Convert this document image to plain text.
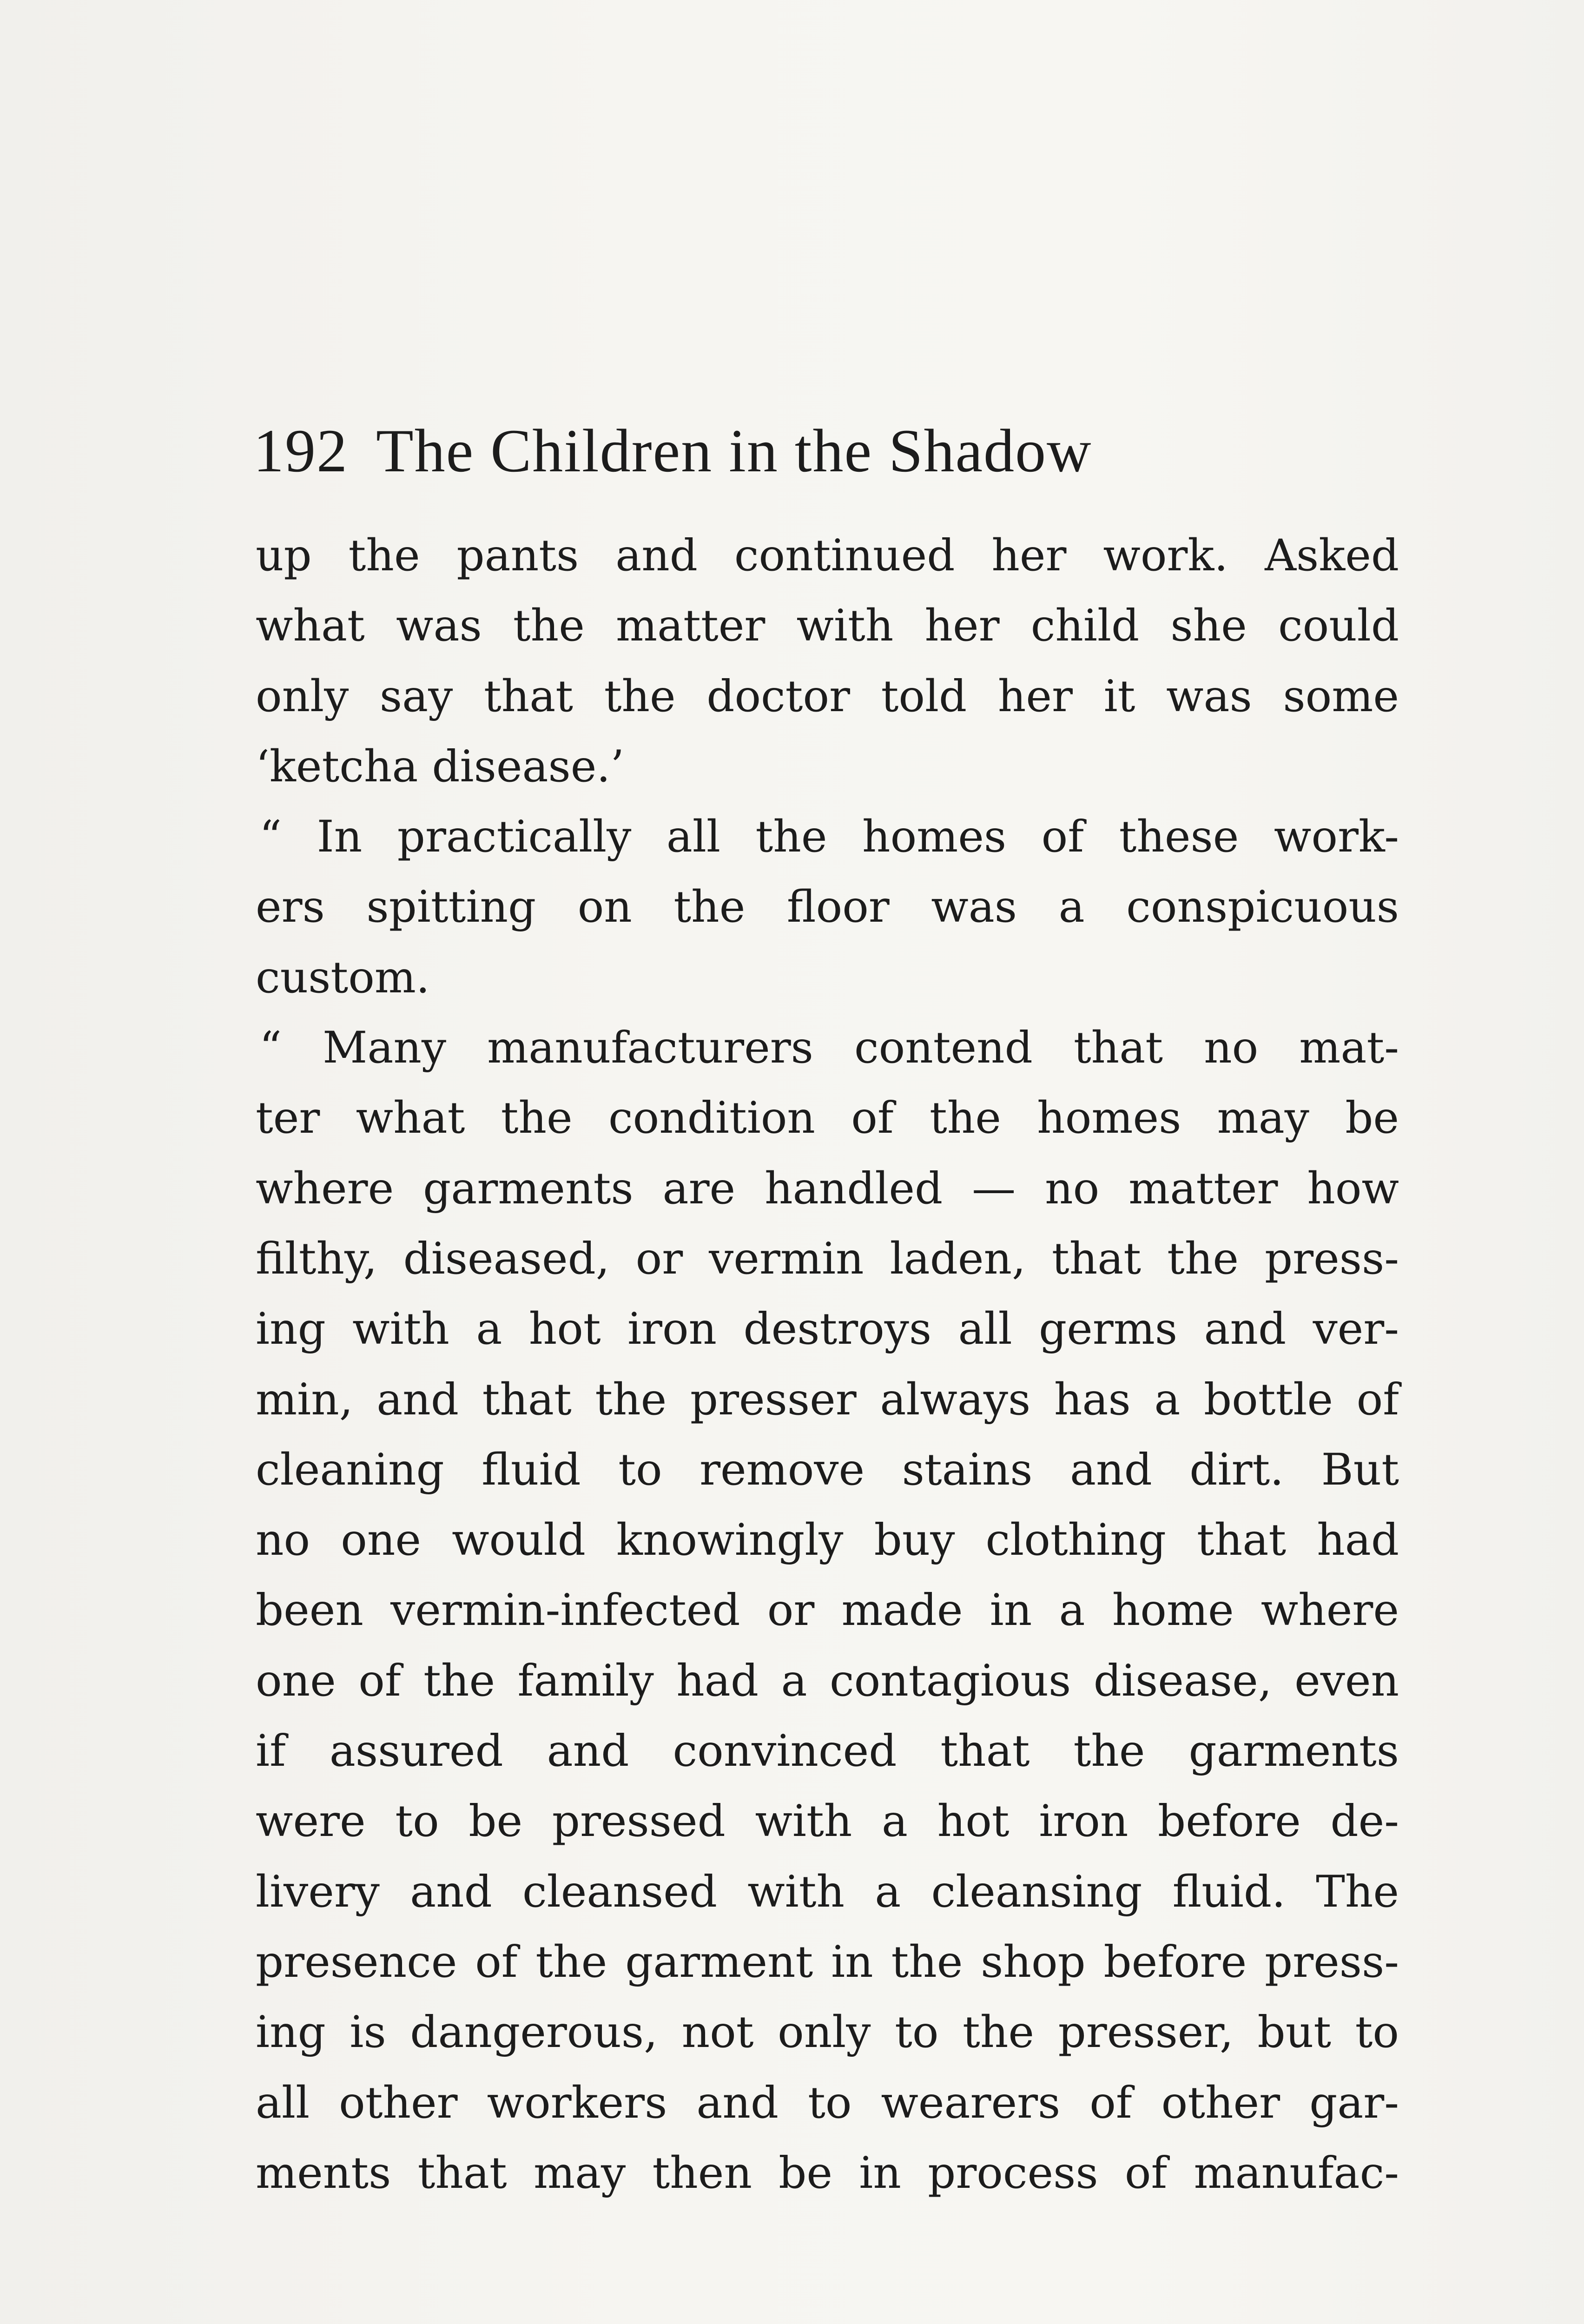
192 The Children in the Shadow
up the pants and continued her work. Asked
what was the matter with her child she could
only say that the doctor told her it was some
‘ketcha disease.’
“ In practically all the homes of these work-
ers spitting on the floor was a conspicuous
custom.
“ Many manufacturers contend that no mat-
ter what the condition of the homes may be
where garments are handled — no matter how
filthy, diseased, or vermin laden, that the press-
ing with a hot iron destroys all germs and ver-
min, and that the presser always has a bottle of
cleaning fluid to remove stains and dirt. But
no one would knowingly buy clothing that had
been vermin-infected or made in a home where
one of the family had a contagious disease, even
if assured and convinced that the garments
were to be pressed with a hot iron before de-
livery and cleansed with a cleansing fluid. The
presence of the garment in the shop before press-
ing is dangerous, not only to the presser, but to
all other workers and to wearers of other gar-
ments that may then be in process of manufac-
